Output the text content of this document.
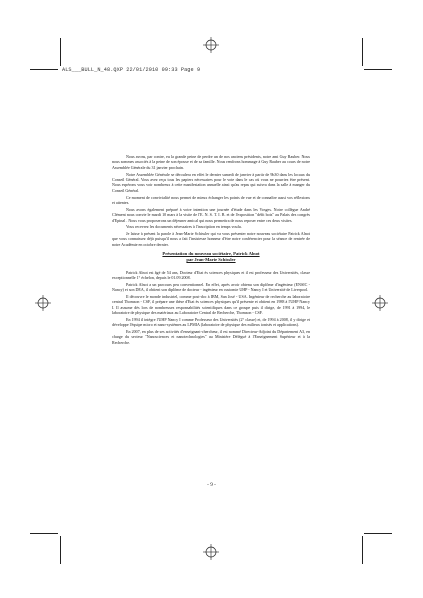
ALS___BULL_N_48.QXP 22/01/2010 09:33 Page 9

Nous avons, par contre, eu la grande peine de perdre un de nos anciens présidents, notre ami Guy Rauber. Nous nous sommes associés à la peine de son épouse et de sa famille. Nous rendrons hommage à Guy Rauber au cours de notre Assemblée Générale du 31 janvier prochain.

Notre Assemblée Générale se déroulera en effet le dernier samedi de janvier à partir de 9h30 dans les locaux du Conseil Général. Vous avez reçu tous les papiers nécessaires pour le vote dans le cas où vous ne pourriez être présent. Nous espérons vous voir nombreux à cette manifestation annuelle ainsi qu'au repas qui suivra dans la salle à manger du Conseil Général.

Ce moment de convivialité nous permet de mieux échanger les points de vue et de connaître aussi vos réflexions et attentes.

Nous avons également préparé à votre intention une journée d'étude dans les Vosges. Notre collègue André Clément nous convie le mardi 10 mars à la visite de l'E. N. S. T. I. B. et de l'exposition "défit bois" au Palais des congrès d'Epinal . Nous vous proposerons un déjeuner amical qui nous permettra de nous reposer entre ces deux visites.

Vous recevrez les documents nécessaires à l'inscription en temps voulu.

Je laisse à présent la parole à Jean-Marie Schissler qui va vous présenter notre nouveau sociétaire Patrick Alnot que vous connaissez déjà puisqu'il nous a fait l'insistesse honneur d'être notre conférencier pour la séance de rentrée de notre Académie en octobre dernier.

Présentation du nouveau sociétaire, Patrick Alnot
par Jean-Marie Schissler

Patrick Alnot est âgé de 54 ans, Docteur d'Etat ès sciences physiques et il est professeur des Universités, classe exceptionnelle 1° échelon, depuis le 01.09.2008.

Patrick Alnot a un parcours peu conventionnel. En effet, après avoir obtenu son diplôme d'ingénieur (ENSIC - Nancy) et son DEA, il obtient son diplôme de docteur - ingénieur en customie UHP - Nancy I et Université de Liverpool.

Il découvre le monde industriel, comme post-doc à IBM, San José - USA. Ingénieur de recherche au laboratoire central Thomson - CSF, il prépare une thèse d'Etat ès sciences physiques qu'il présente et obtient en 1988 à l'UHP Nancy I. Il assume dès lors de nombreuses responsabilités scientifiques dans ce groupe puis il dirige, de 1991 à 1994, le laboratoire de physique des matériaux au Laboratoire Central de Recherche, Thomson - CSF.

En 1994 il intègre l'UHP Nancy I comme Professeur des Universités (2° classe) et, de 1994 à 2008, il y dirige et développe l'équipe micro et nano-systèmes au LPMIA (laboratoire de physique des milieux ionisés et applications).

En 2007, en plus de ses activités d'enseignant-chercheur, il est nommé Directeur-Adjoint du Département A3, en charge du secteur "Nanosciences et nanotechnologies" au Ministère Délégué à l'Enseignement Supérieur et à la Recherche.

- 9 -
